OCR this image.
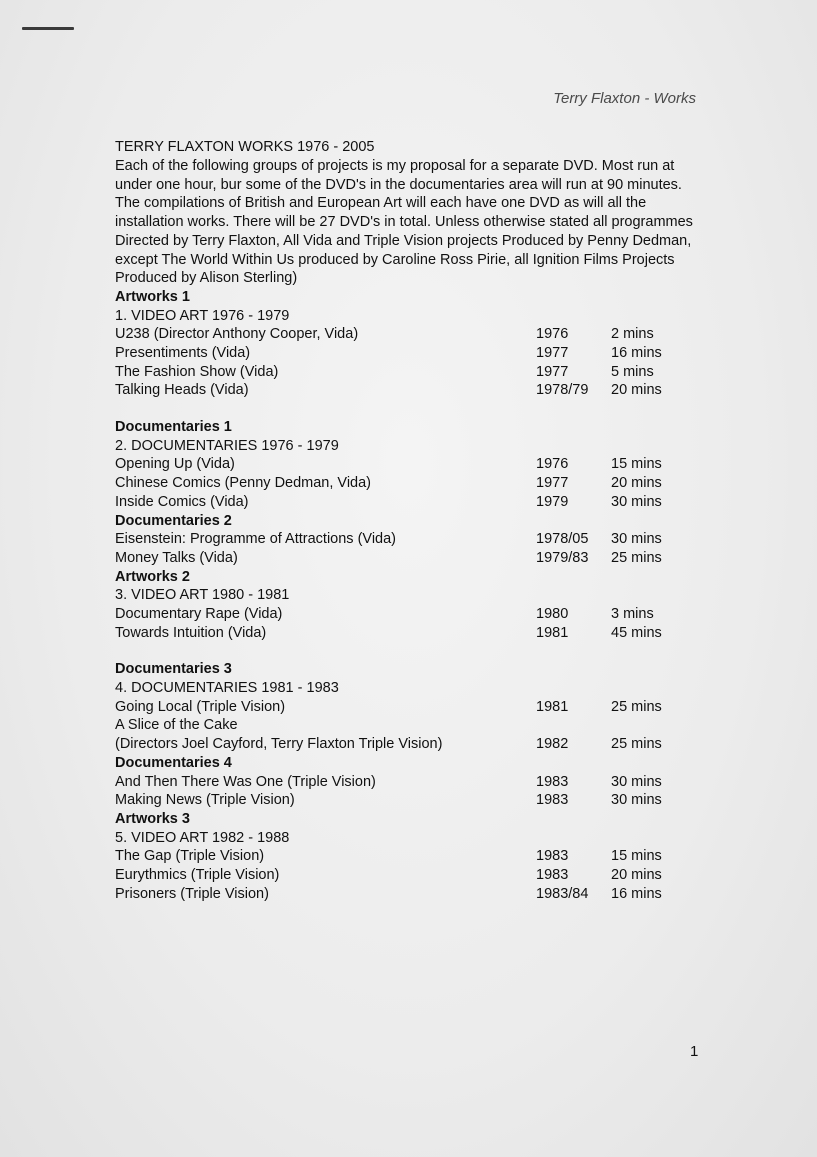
Terry Flaxton - Works
TERRY FLAXTON WORKS 1976 - 2005
Each of the following groups of projects is my proposal for a separate DVD. Most run at under one hour, bur some of the DVD's in the documentaries area will run at 90 minutes. The compilations of British and European Art will each have one DVD as will all the installation works. There will be 27 DVD's in total. Unless otherwise stated all programmes Directed by Terry Flaxton, All Vida and Triple Vision projects Produced by Penny Dedman, except The World Within Us produced by Caroline Ross Pirie, all Ignition Films Projects Produced by Alison Sterling)
Artworks 1
1. VIDEO ART 1976 - 1979
U238 (Director Anthony Cooper, Vida)	1976	2 mins
Presentiments (Vida)	1977	16 mins
The Fashion Show (Vida)	1977	5 mins
Talking Heads (Vida)	1978/79 20 mins
Documentaries 1
2. DOCUMENTARIES 1976 - 1979
Opening Up (Vida)	1976	15 mins
Chinese Comics (Penny Dedman, Vida)	1977	20 mins
Inside Comics (Vida)	1979	30 mins
Documentaries 2
Eisenstein: Programme of Attractions (Vida)	1978/05 30 mins
Money Talks (Vida)	1979/83 25 mins
Artworks 2
3. VIDEO ART 1980 - 1981
Documentary Rape (Vida)	1980	3 mins
Towards Intuition (Vida)	1981	45 mins
Documentaries 3
4. DOCUMENTARIES 1981 - 1983
Going Local (Triple Vision)	1981	25 mins
A Slice of the Cake
(Directors Joel Cayford, Terry Flaxton Triple Vision)	1982	25 mins
Documentaries 4
And Then There Was One (Triple Vision)	1983	30 mins
Making News (Triple Vision)	1983	30 mins
Artworks 3
5. VIDEO ART 1982 - 1988
The Gap (Triple Vision)	1983	15 mins
Eurythmics (Triple Vision)	1983	20 mins
Prisoners (Triple Vision)	1983/84 16 mins
1
